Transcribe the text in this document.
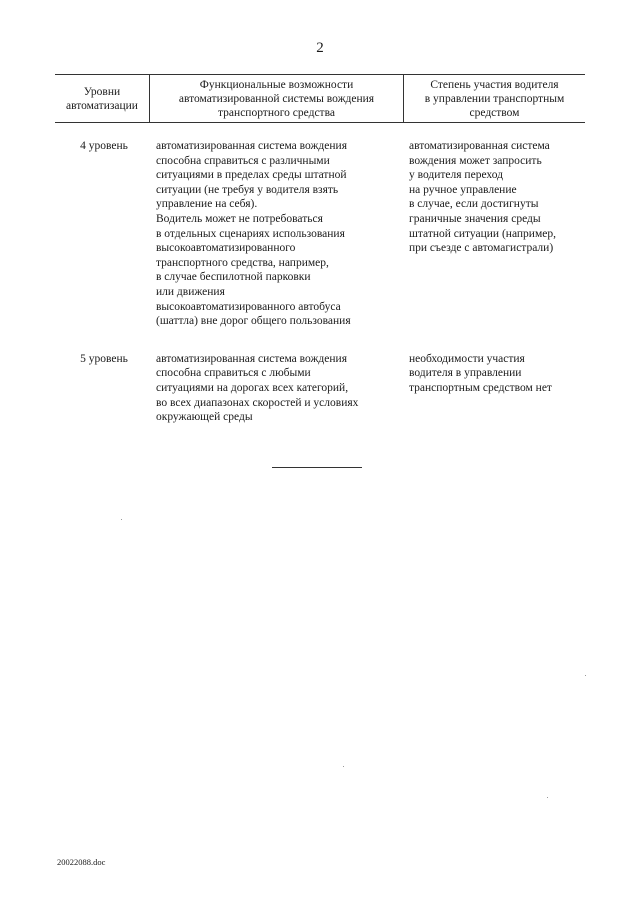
2
Уровни
автоматизации
Функциональные возможности
автоматизированной системы вождения
транспортного средства
Степень участия водителя
в управлении транспортным
средством
4 уровень	автоматизированная система вождения
способна справиться с различными
ситуациями в пределах среды штатной
ситуации (не требуя у водителя взять
управление на себя).
Водитель может не потребоваться
в отдельных сценариях использования
высокоавтоматизированного
транспортного средства, например,
в случае беспилотной парковки
или движения
высокоавтоматизированного автобуса
(шаттла) вне дорог общего пользования
автоматизированная система
вождения может запросить
у водителя переход
на ручное управление
в случае, если достигнуты
граничные значения среды
штатной ситуации (например,
при съезде с автомагистрали)
5 уровень	автоматизированная система вождения
способна справиться с любыми
ситуациями на дорогах всех категорий,
во всех диапазонах скоростей и условиях
окружающей среды
необходимости участия
водителя в управлении
транспортным средством нет
20022088.doc
